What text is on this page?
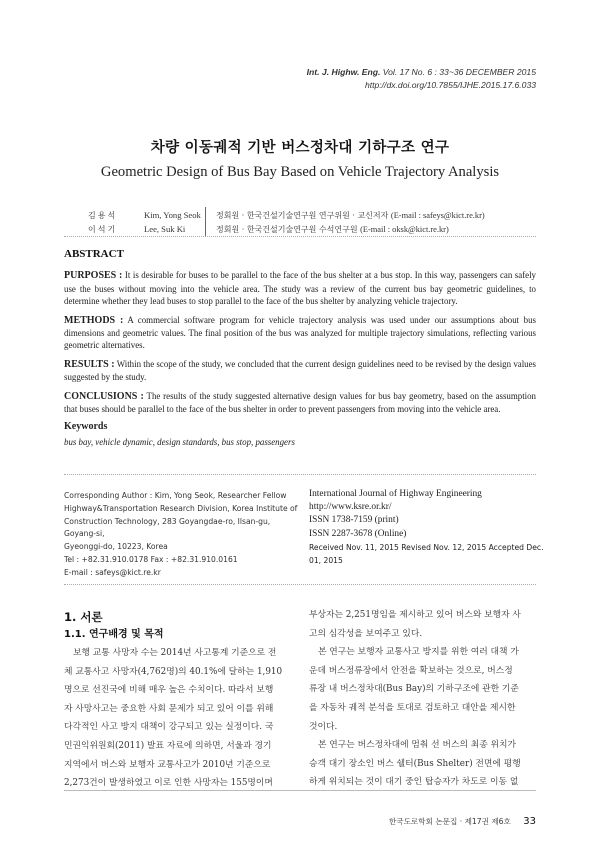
Int. J. Highw. Eng. Vol. 17 No. 6 : 33~36 DECEMBER 2015
http://dx.doi.org/10.7855/IJHE.2015.17.6.033
차량 이동궤적 기반 버스정차대 기하구조 연구
Geometric Design of Bus Bay Based on Vehicle Trajectory Analysis
김용석	Kim, Yong Seok	정회원 · 한국건설기술연구원 연구위원 · 교신저자 (E-mail : safeys@kict.re.kr)
이석기	Lee, Suk Ki	정회원 · 한국건설기술연구원 수석연구원 (E-mail : oksk@kict.re.kr)
ABSTRACT

PURPOSES : It is desirable for buses to be parallel to the face of the bus shelter at a bus stop. In this way, passengers can safely use the buses without moving into the vehicle area. The study was a review of the current bus bay geometric guidelines, to determine whether they lead buses to stop parallel to the face of the bus shelter by analyzing vehicle trajectory.

METHODS : A commercial software program for vehicle trajectory analysis was used under our assumptions about bus dimensions and geometric values. The final position of the bus was analyzed for multiple trajectory simulations, reflecting various geometric alternatives.

RESULTS : Within the scope of the study, we concluded that the current design guidelines need to be revised by the design values suggested by the study.

CONCLUSIONS : The results of the study suggested alternative design values for bus bay geometry, based on the assumption that buses should be parallel to the face of the bus shelter in order to prevent passengers from moving into the vehicle area.

Keywords
bus bay, vehicle dynamic, design standards, bus stop, passengers
Corresponding Author : Kim, Yong Seok, Researcher Fellow
Highway&Transportation Research Division, Korea Institute of
Construction Technology, 283 Goyangdae-ro, Ilsan-gu, Goyang-si,
Gyeonggi-do, 10223, Korea
Tel : +82.31.910.0178 Fax : +82.31.910.0161
E-mail : safeys@kict.re.kr
International Journal of Highway Engineering
http://www.ksre.or.kr/
ISSN 1738-7159 (print)
ISSN 2287-3678 (Online)
Received Nov. 11, 2015 Revised Nov. 12, 2015 Accepted Dec. 01, 2015
1. 서론
1.1. 연구배경 및 목적

보행 교통 사망자 수는 2014년 사고통계 기준으로 전

체 교통사고 사망자(4,762명)의 40.1%에 달하는 1,910

명으로 선진국에 비해 매우 높은 수치이다. 따라서 보행

자 사망사고는 중요한 사회 문제가 되고 있어 이를 위해

다각적인 사고 방지 대책이 강구되고 있는 실정이다. 국

민권익위원회(2011) 발표 자료에 의하면, 서울과 경기

지역에서 버스와 보행자 교통사고가 2010년 기준으로

2,273건이 발생하였고 이로 인한 사망자는 155명이며

부상자는 2,251명임을 제시하고 있어 버스와 보행자 사

고의 심각성을 보여주고 있다.

본 연구는 보행자 교통사고 방지를 위한 여러 대책 가

운데 버스정류장에서 안전을 확보하는 것으로, 버스정

류장 내 버스정차대(Bus Bay)의 기하구조에 관한 기준

을 자동차 궤적 분석을 토대로 검토하고 대안을 제시한

것이다.

본 연구는 버스정차대에 멈춰 선 버스의 최종 위치가

승객 대기 장소인 버스 쉘터(Bus Shelter) 전면에 평행

하게 위치되는 것이 대기 중인 탑승자가 차도로 이동 없

한국도로학회 논문집 · 제17권 제6호 33
